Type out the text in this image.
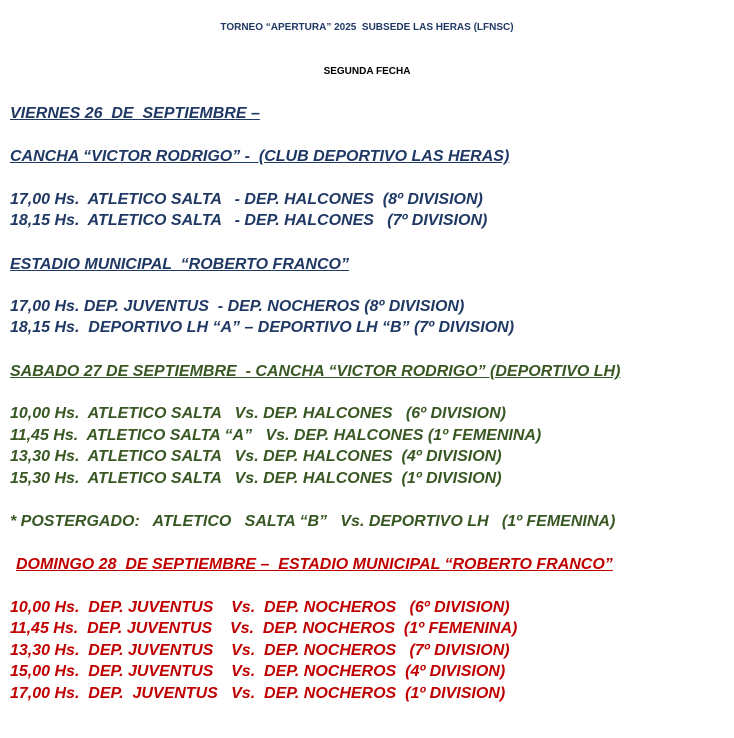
TORNEO “APERTURA” 2025  SUBSEDE LAS HERAS (LFNSC)
SEGUNDA FECHA
VIERNES 26  DE  SEPTIEMBRE –
CANCHA “VICTOR RODRIGO” -  (CLUB DEPORTIVO LAS HERAS)
17,00 Hs.  ATLETICO SALTA   - DEP. HALCONES  (8º DIVISION)
18,15 Hs.  ATLETICO SALTA   - DEP. HALCONES   (7º DIVISION)
ESTADIO MUNICIPAL  “ROBERTO FRANCO”
17,00 Hs. DEP. JUVENTUS  - DEP. NOCHEROS (8º DIVISION)
18,15 Hs.  DEPORTIVO LH “A” – DEPORTIVO LH “B” (7º DIVISION)
SABADO 27 DE SEPTIEMBRE  - CANCHA “VICTOR RODRIGO” (DEPORTIVO LH)
10,00 Hs.  ATLETICO SALTA   Vs. DEP. HALCONES   (6º DIVISION)
11,45 Hs.  ATLETICO SALTA “A”   Vs. DEP. HALCONES (1º FEMENINA)
13,30 Hs.  ATLETICO SALTA   Vs. DEP. HALCONES  (4º DIVISION)
15,30 Hs.  ATLETICO SALTA   Vs. DEP. HALCONES  (1º DIVISION)
* POSTERGADO:   ATLETICO   SALTA “B”   Vs. DEPORTIVO LH   (1º FEMENINA)
DOMINGO 28  DE SEPTIEMBRE –  ESTADIO MUNICIPAL “ROBERTO FRANCO”
10,00 Hs.  DEP. JUVENTUS    Vs.  DEP. NOCHEROS   (6º DIVISION)
11,45 Hs.  DEP. JUVENTUS    Vs.  DEP. NOCHEROS  (1º FEMENINA)
13,30 Hs.  DEP. JUVENTUS    Vs.  DEP. NOCHEROS   (7º DIVISION)
15,00 Hs.  DEP. JUVENTUS    Vs.  DEP. NOCHEROS  (4º DIVISION)
17,00 Hs.  DEP.  JUVENTUS   Vs.  DEP. NOCHEROS  (1º DIVISION)
